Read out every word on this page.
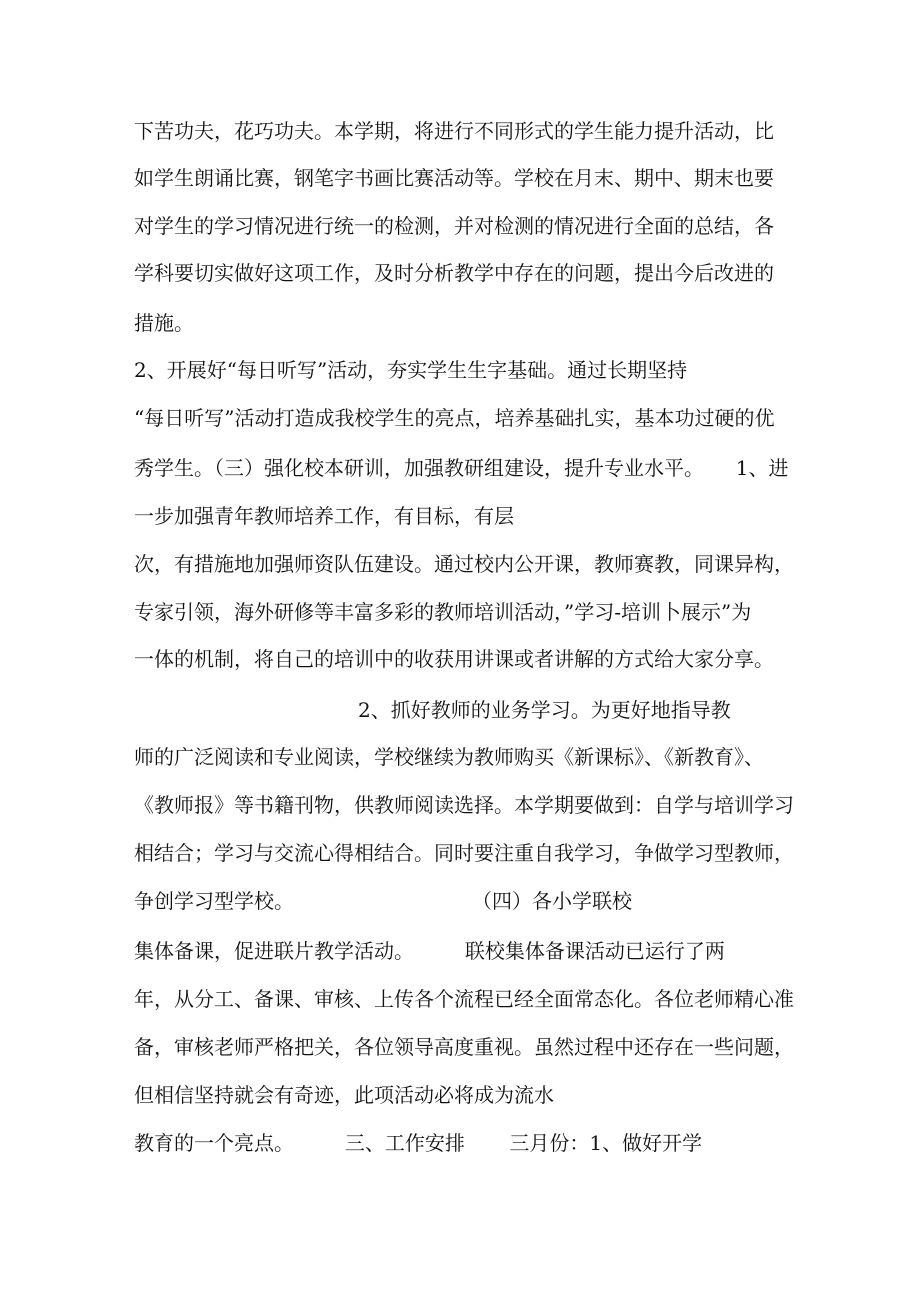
下苦功夫，花巧功夫。本学期，将进行不同形式的学生能力提升活动，比
如学生朗诵比赛，钢笔字书画比赛活动等。学校在月末、期中、期末也要
对学生的学习情况进行统一的检测，并对检测的情况进行全面的总结，各
学科要切实做好这项工作，及时分析教学中存在的问题，提出今后改进的
措施。
2、开展好“每日听写”活动，夯实学生生字基础。通过长期坚持
“每日听写”活动打造成我校学生的亮点，培养基础扎实，基本功过硬的优
秀学生。（三）强化校本研训，加强教研组建设，提升专业水平。     1、进
一步加强青年教师培养工作，有目标，有层
次，有措施地加强师资队伍建设。通过校内公开课，教师赛教，同课异构，
专家引领，海外研修等丰富多彩的教师培训活动，”学习-培训卜展示”为
一体的机制，将自己的培训中的收获用讲课或者讲解的方式给大家分享。
2、抓好教师的业务学习。为更好地指导教
师的广泛阅读和专业阅读，学校继续为教师购买《新课标》、《新教育》、
《教师报》等书籍刊物，供教师阅读选择。本学期要做到：自学与培训学习
相结合；学习与交流心得相结合。同时要注重自我学习，争做学习型教师，
争创学习型学校。                            （四）各小学联校
集体备课，促进联片教学活动。        联校集体备课活动已运行了两
年，从分工、备课、审核、上传各个流程已经全面常态化。各位老师精心准
备，审核老师严格把关，各位领导高度重视。虽然过程中还存在一些问题，
但相信坚持就会有奇迹，此项活动必将成为流水
教育的一个亮点。        三、工作安排       三月份：1、做好开学
